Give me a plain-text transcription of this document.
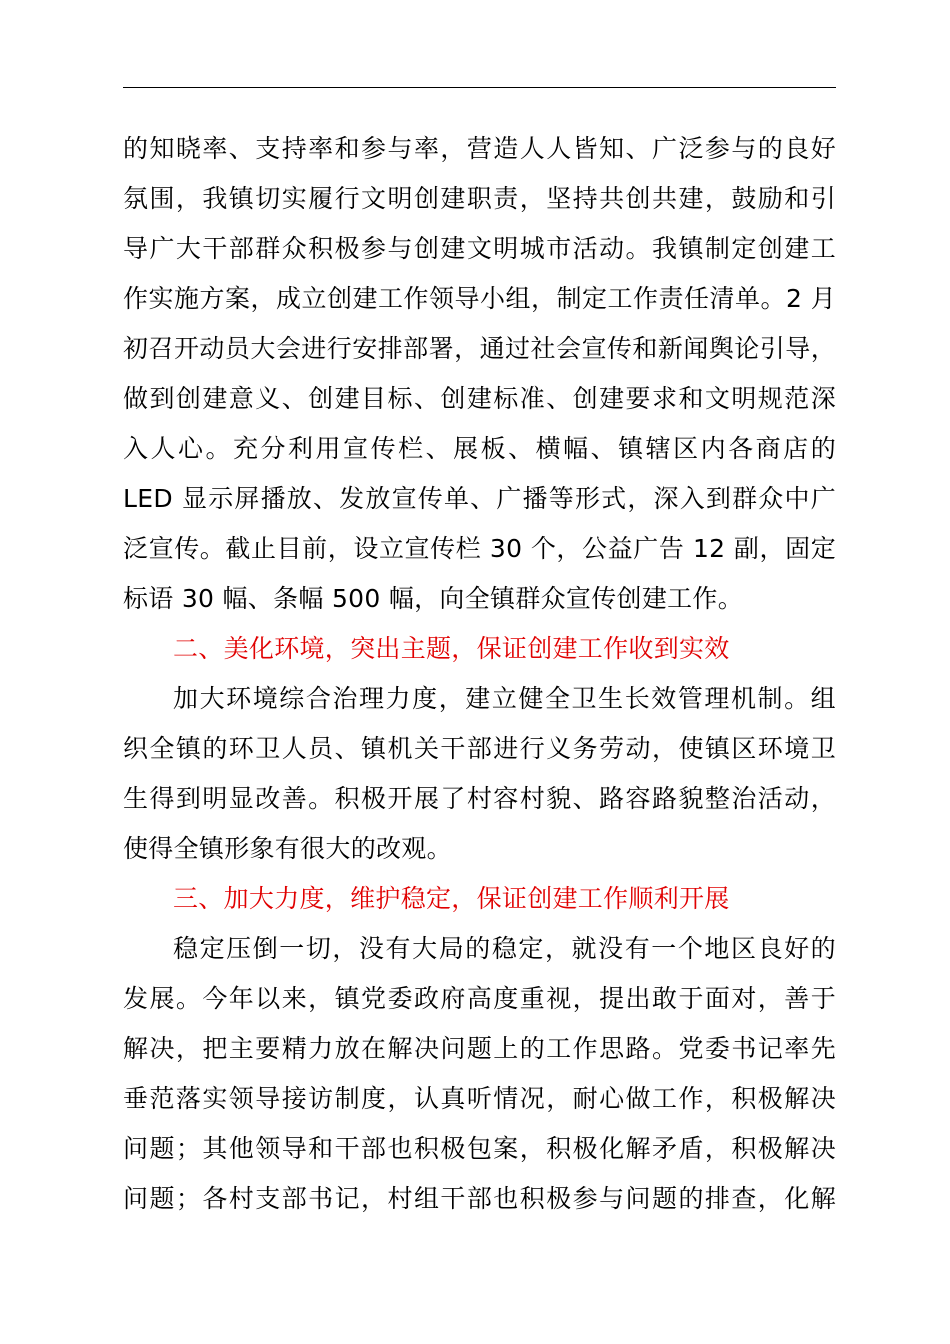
的知晓率、支持率和参与率，营造人人皆知、广泛参与的良好
氛围，我镇切实履行文明创建职责，坚持共创共建，鼓励和引
导广大干部群众积极参与创建文明城市活动。我镇制定创建工
作实施方案，成立创建工作领导小组，制定工作责任清单。2 月
初召开动员大会进行安排部署，通过社会宣传和新闻舆论引导，
做到创建意义、创建目标、创建标准、创建要求和文明规范深
入人心。充分利用宣传栏、展板、横幅、镇辖区内各商店的
LED 显示屏播放、发放宣传单、广播等形式，深入到群众中广
泛宣传。截止目前，设立宣传栏 30 个，公益广告 12 副，固定
标语 30 幅、条幅 500 幅，向全镇群众宣传创建工作。
二、美化环境，突出主题，保证创建工作收到实效
加大环境综合治理力度，建立健全卫生长效管理机制。组
织全镇的环卫人员、镇机关干部进行义务劳动，使镇区环境卫
生得到明显改善。积极开展了村容村貌、路容路貌整治活动，
使得全镇形象有很大的改观。
三、加大力度，维护稳定，保证创建工作顺利开展
稳定压倒一切，没有大局的稳定，就没有一个地区良好的
发展。今年以来，镇党委政府高度重视，提出敢于面对，善于
解决，把主要精力放在解决问题上的工作思路。党委书记率先
垂范落实领导接访制度，认真听情况，耐心做工作，积极解决
问题；其他领导和干部也积极包案，积极化解矛盾，积极解决
问题；各村支部书记，村组干部也积极参与问题的排查，化解
